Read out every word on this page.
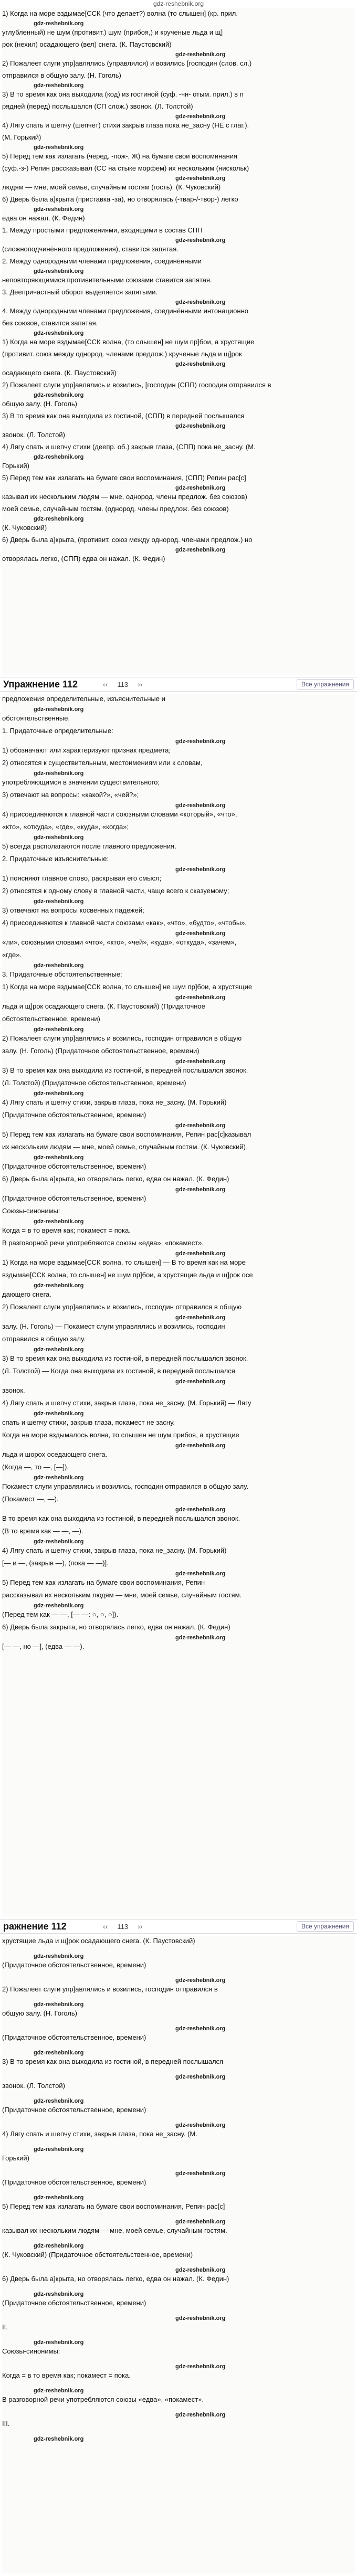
gdz-reshebnik.org

1) Когда на море вздымае[ССК (что делает?) волна (то слышен] (кр. прил.

gdz-reshebnik.org

углубленный) не шум (противит.) шум (прибоя,) и крученые льда и щ]

рок (нехил) осадающего (вел) снега. (К. Паустовский)

gdz-reshebnik.org

2) Пожалеет слуги упр]авлялись (управлялся) и возились [господин (слов. сл.)

отправился в общую залу. (Н. Гоголь)

gdz-reshebnik.org

3) В то время как она выходила (код) из гостиной (суф. -чн- отым. прил.) в п

рядней (перед) послышался (СП слож.) звонок. (Л. Толстой)

gdz-reshebnik.org

4) Лягу спать и шепчу (шепчет) стихи закрыв глаза пока не_засну (НЕ с глаг.).

(М. Горький)

gdz-reshebnik.org

5) Перед тем как излагать (черед. -пож-, Ж) на бумаге свои воспоминания

(суф.-з-) Репин рассказывал (СС на стыке морфем) их нескольким (нискольк)

gdz-reshebnik.org

людям — мне, моей семье, случайным гостям (гость). (К. Чуковский)

6) Дверь была а]крыта (приставка -за), но отворялась (-твар-/-твор-) легко

gdz-reshebnik.org

едва он нажал. (К. Федин)

1. Между простыми предложениями, входящими в состав СПП

gdz-reshebnik.org

(сложноподчинённого предложения), ставится запятая.

2. Между однородными членами предложения, соединёнными

gdz-reshebnik.org

неповторяющимися противительными союзами ставится запятая.

3. Деепричастный оборот выделяется запятыми.

gdz-reshebnik.org

4. Между однородными членами предложения, соединёнными интонационно

без союзов, ставится запятая.

gdz-reshebnik.org

1) Когда на море вздымае[ССК волна, (то слышен] не шум пр]бои, а хрустящие

(противит. союз между однород. членами предлож.) крученые льда и щ]рок

gdz-reshebnik.org

осадающего снега. (К. Паустовский)

2) Пожалеет слуги упр]авлялись и возились, [господин (СПП) господин отправился в

gdz-reshebnik.org

общую залу. (Н. Гоголь)

3) В то время как она выходила из гостиной, (СПП) в передней послышался

gdz-reshebnik.org

звонок. (Л. Толстой)

4) Лягу спать и шепчу стихи (деепр. об.) закрыв глаза, (СПП) пока не_засну. (М.

gdz-reshebnik.org

Горький)

5) Перед тем как излагать на бумаге свои воспоминания, (СПП) Репин рас[с]

gdz-reshebnik.org

казывал их нескольким людям — мне, однород. члены предлож. без союзов)

моей семье, случайным гостям. (однород. члены предлож. без союзов)

gdz-reshebnik.org

(К. Чуковский)

6) Дверь была а]крыта, (противит. союз между однород. членами предлож.) но

gdz-reshebnik.org

отворялась легко, (СПП) едва он нажал. (К. Федин)

Упражнение 112	‹‹ 113 ››	Все упражнения

предложения определительные, изъяснительные и

gdz-reshebnik.org

обстоятельственные.

1. Придаточные определительные:

gdz-reshebnik.org

1) обозначают или характеризуют признак предмета;

2) относятся к существительным, местоимениям или к словам,

gdz-reshebnik.org

употребляющимся в значении существительного;

3) отвечают на вопросы: «какой?», «чей?»;

gdz-reshebnik.org

4) присоединяются к главной части союзными словами «который», «что»,

«кто», «откуда», «где», «куда», «когда»;

gdz-reshebnik.org

5) всегда располагаются после главного предложения.

2. Придаточные изъяснительные:

gdz-reshebnik.org

1) поясняют главное слово, раскрывая его смысл;

2) относятся к одному слову в главной части, чаще всего к сказуемому;

gdz-reshebnik.org

3) отвечают на вопросы косвенных падежей;

4) присоединяются к главной части союзами «как», «что», «будто», «чтобы»,

gdz-reshebnik.org

«ли», союзными словами «что», «кто», «чей», «куда», «откуда», «зачем»,

«где».

gdz-reshebnik.org

3. Придаточные обстоятельственные:

1) Когда на море вздымае[ССК волна, то слышен] не шум пр]бои, а хрустящие

gdz-reshebnik.org

льда и щ]рок осадающего снега. (К. Паустовский) (Придаточное

обстоятельственное, времени)

gdz-reshebnik.org

2) Пожалеет слуги упр]авлялись и возились, господин отправился в общую

залу. (Н. Гоголь) (Придаточное обстоятельственное, времени)

gdz-reshebnik.org

3) В то время как она выходила из гостиной, в передней послышался звонок.

(Л. Толстой) (Придаточное обстоятельственное, времени)

gdz-reshebnik.org

4) Лягу спать и шепчу стихи, закрыв глаза, пока не_засну. (М. Горький)

(Придаточное обстоятельственное, времени)

gdz-reshebnik.org

5) Перед тем как излагать на бумаге свои воспоминания, Репин рас[с]казывал

их нескольким людям — мне, моей семье, случайным гостям. (К. Чуковский)

gdz-reshebnik.org

(Придаточное обстоятельственное, времени)

6) Дверь была а]крыта, но отворялась легко, едва он нажал. (К. Федин)

gdz-reshebnik.org

(Придаточное обстоятельственное, времени)

Союзы-синонимы:

gdz-reshebnik.org

Когда = в то время как; покамест = пока.

В разговорной речи употребляются союзы «едва», «покамест».

gdz-reshebnik.org

1) Когда на море вздымае[ССК волна, то слышен] — В то время как на море

вздымае[ССК волна, то слышен] не шум пр]бои, а хрустящие льда и щ]рок осе

gdz-reshebnik.org

дающего снега.

2) Пожалеет слуги упр]авлялись и возились, господин отправился в общую

gdz-reshebnik.org

залу. (Н. Гоголь) — Покамест слуги управлялись и возились, господин

отправился в общую залу.

gdz-reshebnik.org

3) В то время как она выходила из гостиной, в передней послышался звонок.

(Л. Толстой) — Когда она выходила из гостиной, в передней послышался

gdz-reshebnik.org

звонок.

4) Лягу спать и шепчу стихи, закрыв глаза, пока не_засну. (М. Горький) — Лягу

gdz-reshebnik.org

спать и шепчу стихи, закрыв глаза, покамест не засну.

Когда на море вздымалось волна, то слышен не шум прибоя, а хрустящие

gdz-reshebnik.org

льда и шорох оседающего снега.

(Когда —, то —, [—]).

gdz-reshebnik.org

Покамест слуги управлялись и возились, господин отправился в общую залу.

(Покамест —, —).

gdz-reshebnik.org

В то время как она выходила из гостиной, в передней послышался звонок.

(В то время как — —, —).

gdz-reshebnik.org

4) Лягу спать и шепчу стихи, закрыв глаза, пока не_засну. (М. Горький)

[— и —, (закрыв —), (пока — —)].

gdz-reshebnik.org

5) Перед тем как излагать на бумаге свои воспоминания, Репин

рассказывал их нескольким людям — мне, моей семье, случайным гостям.

gdz-reshebnik.org

(Перед тем как — —, [— —: ○, ○, ○]).

6) Дверь была закрыта, но отворялась легко, едва он нажал. (К. Федин)

gdz-reshebnik.org

[— —, но —], (едва — —).

ражнение 112	‹‹ 113 ››	Все упражнения

хрустящие льда и щ]рок осадающего снега. (К. Паустовский)

gdz-reshebnik.org

(Придаточное обстоятельственное, времени)

gdz-reshebnik.org

2) Пожалеет слуги упр]авлялись и возились, господин отправился в

gdz-reshebnik.org

общую залу. (Н. Гоголь)

gdz-reshebnik.org

(Придаточное обстоятельственное, времени)

gdz-reshebnik.org

3) В то время как она выходила из гостиной, в передней послышался

gdz-reshebnik.org

звонок. (Л. Толстой)

gdz-reshebnik.org

(Придаточное обстоятельственное, времени)

gdz-reshebnik.org

4) Лягу спать и шепчу стихи, закрыв глаза, пока не_засну. (М.

gdz-reshebnik.org

Горький)

gdz-reshebnik.org

(Придаточное обстоятельственное, времени)

gdz-reshebnik.org

5) Перед тем как излагать на бумаге свои воспоминания, Репин рас[с]

gdz-reshebnik.org

казывал их нескольким людям — мне, моей семье, случайным гостям.

gdz-reshebnik.org

(К. Чуковский) (Придаточное обстоятельственное, времени)

gdz-reshebnik.org

6) Дверь была а]крыта, но отворялась легко, едва он нажал. (К. Федин)

gdz-reshebnik.org

(Придаточное обстоятельственное, времени)

gdz-reshebnik.org

II.

gdz-reshebnik.org

Союзы-синонимы:

gdz-reshebnik.org

Когда = в то время как; покамест = пока.

gdz-reshebnik.org

В разговорной речи употребляются союзы «едва», «покамест».

gdz-reshebnik.org

III.

gdz-reshebnik.org
